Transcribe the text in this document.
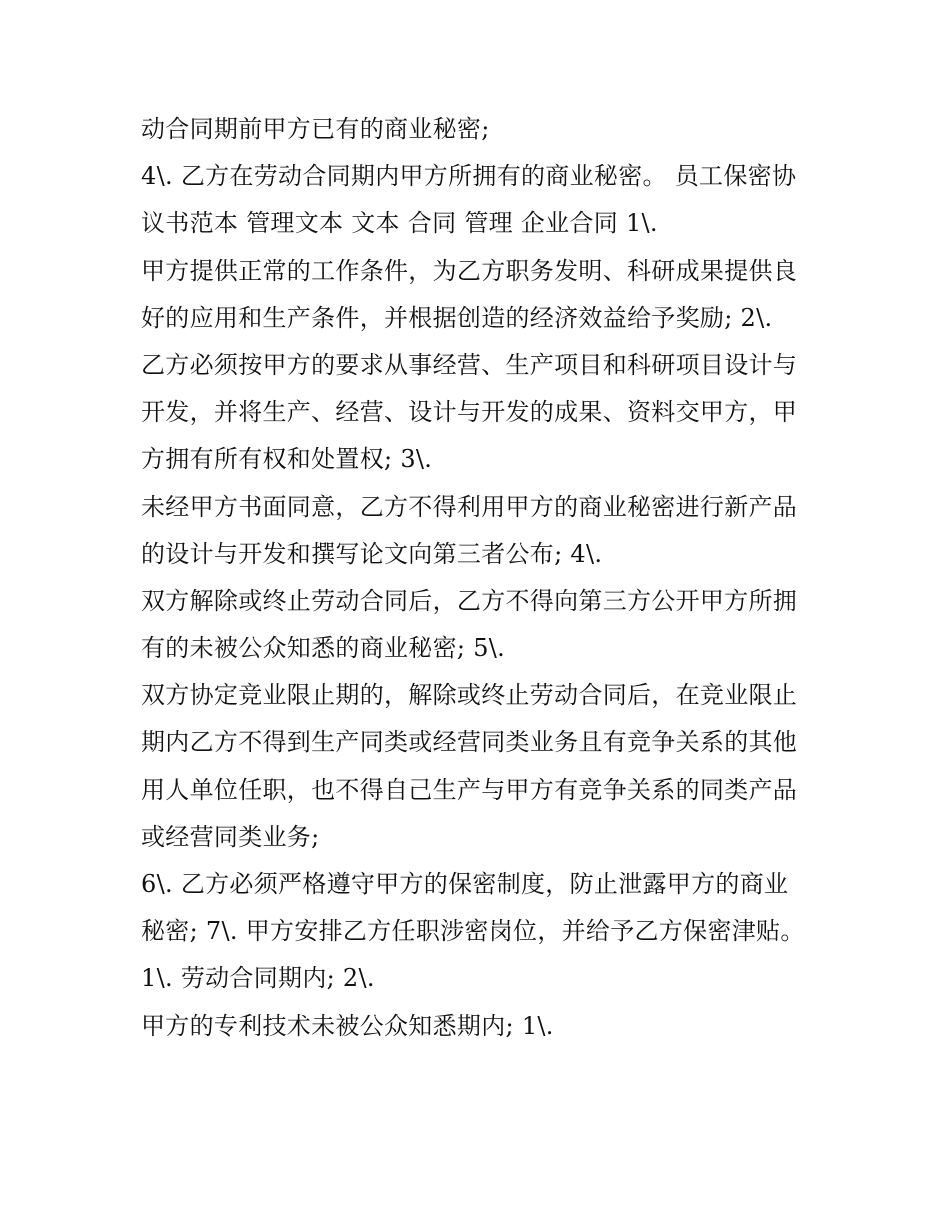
动合同期前甲方已有的商业秘密;
4\. 乙方在劳动合同期内甲方所拥有的商业秘密。 员工保密协
议书范本 管理文本 文本 合同 管理 企业合同 1\.
甲方提供正常的工作条件，为乙方职务发明、科研成果提供良
好的应用和生产条件，并根据创造的经济效益给予奖励; 2\.
乙方必须按甲方的要求从事经营、生产项目和科研项目设计与
开发，并将生产、经营、设计与开发的成果、资料交甲方，甲
方拥有所有权和处置权; 3\.
未经甲方书面同意，乙方不得利用甲方的商业秘密进行新产品
的设计与开发和撰写论文向第三者公布; 4\.
双方解除或终止劳动合同后，乙方不得向第三方公开甲方所拥
有的未被公众知悉的商业秘密; 5\.
双方协定竞业限止期的，解除或终止劳动合同后，在竞业限止
期内乙方不得到生产同类或经营同类业务且有竞争关系的其他
用人单位任职，也不得自己生产与甲方有竞争关系的同类产品
或经营同类业务;
6\. 乙方必须严格遵守甲方的保密制度，防止泄露甲方的商业
秘密; 7\. 甲方安排乙方任职涉密岗位，并给予乙方保密津贴。
1\. 劳动合同期内; 2\.
甲方的专利技术未被公众知悉期内; 1\.
